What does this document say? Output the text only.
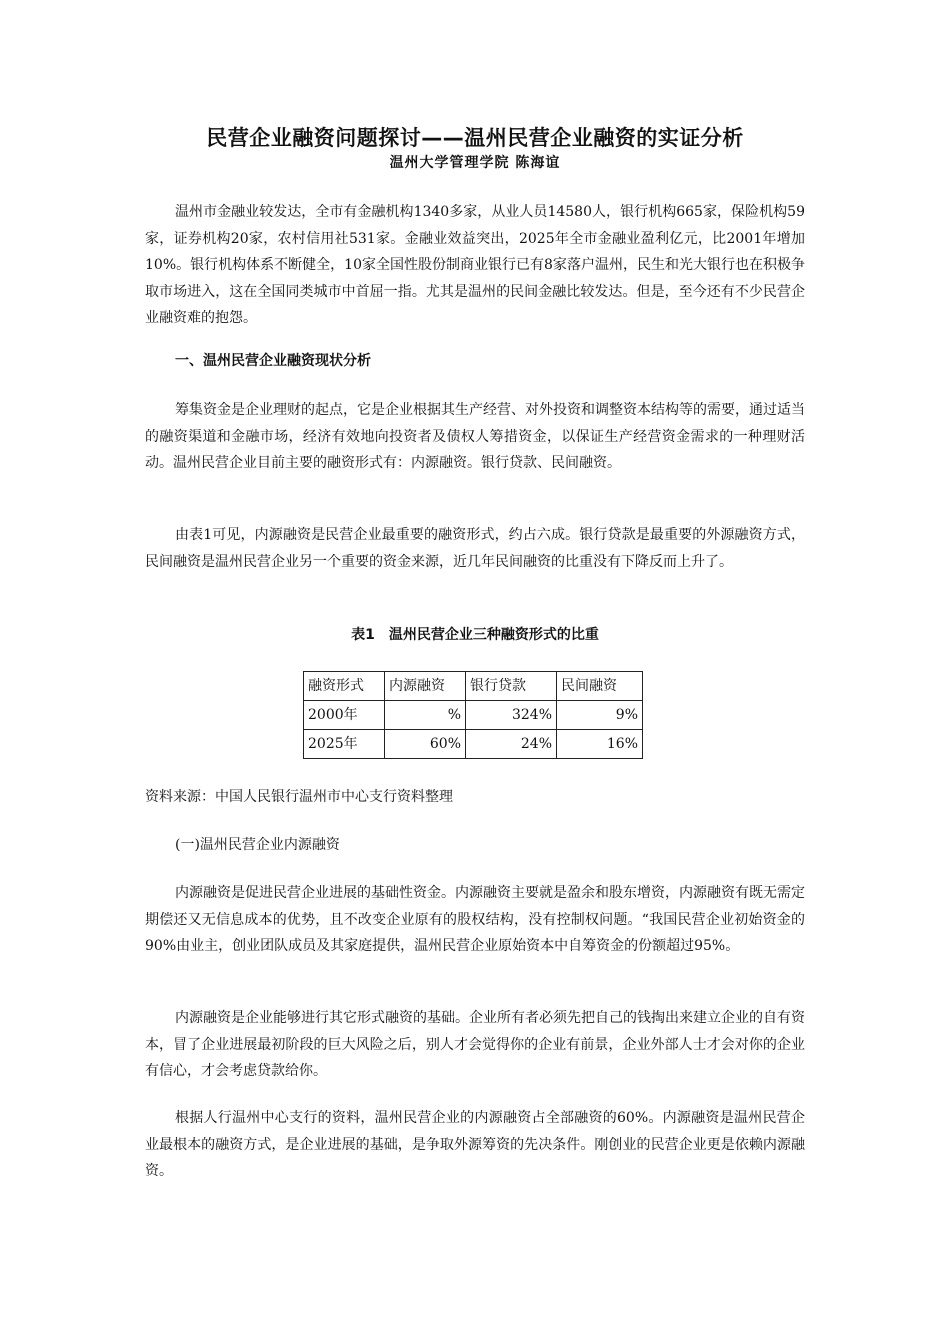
民营企业融资问题探讨——温州民营企业融资的实证分析
温州大学管理学院 陈海谊

温州市金融业较发达，全市有金融机构1340多家，从业人员14580人，银行机构665家，保险机构59家，证券机构20家，农村信用社531家。金融业效益突出，2025年全市金融业盈利亿元，比2001年增加10%。银行机构体系不断健全，10家全国性股份制商业银行已有8家落户温州，民生和光大银行也在积极争取市场进入，这在全国同类城市中首屈一指。尤其是温州的民间金融比较发达。但是，至今还有不少民营企业融资难的抱怨。

一、温州民营企业融资现状分析

筹集资金是企业理财的起点，它是企业根据其生产经营、对外投资和调整资本结构等的需要，通过适当的融资渠道和金融市场，经济有效地向投资者及债权人筹措资金，以保证生产经营资金需求的一种理财活动。温州民营企业目前主要的融资形式有：内源融资。银行贷款、民间融资。

由表1可见，内源融资是民营企业最重要的融资形式，约占六成。银行贷款是最重要的外源融资方式，民间融资是温州民营企业另一个重要的资金来源，近几年民间融资的比重没有下降反而上升了。

表1　温州民营企业三种融资形式的比重

融资形式	内源融资	银行贷款	民间融资
2000年	%	324%	9%
2025年	60%	24%	16%

资料来源：中国人民银行温州市中心支行资料整理

(一)温州民营企业内源融资

内源融资是促进民营企业进展的基础性资金。内源融资主要就是盈余和股东增资，内源融资有既无需定期偿还又无信息成本的优势，且不改变企业原有的股权结构，没有控制权问题。“我国民营企业初始资金的90%由业主，创业团队成员及其家庭提供，温州民营企业原始资本中自筹资金的份额超过95%。

内源融资是企业能够进行其它形式融资的基础。企业所有者必须先把自己的钱掏出来建立企业的自有资本，冒了企业进展最初阶段的巨大风险之后，别人才会觉得你的企业有前景，企业外部人士才会对你的企业有信心，才会考虑贷款给你。

根据人行温州中心支行的资料，温州民营企业的内源融资占全部融资的60%。内源融资是温州民营企业最根本的融资方式，是企业进展的基础，是争取外源筹资的先决条件。刚创业的民营企业更是依赖内源融资。
